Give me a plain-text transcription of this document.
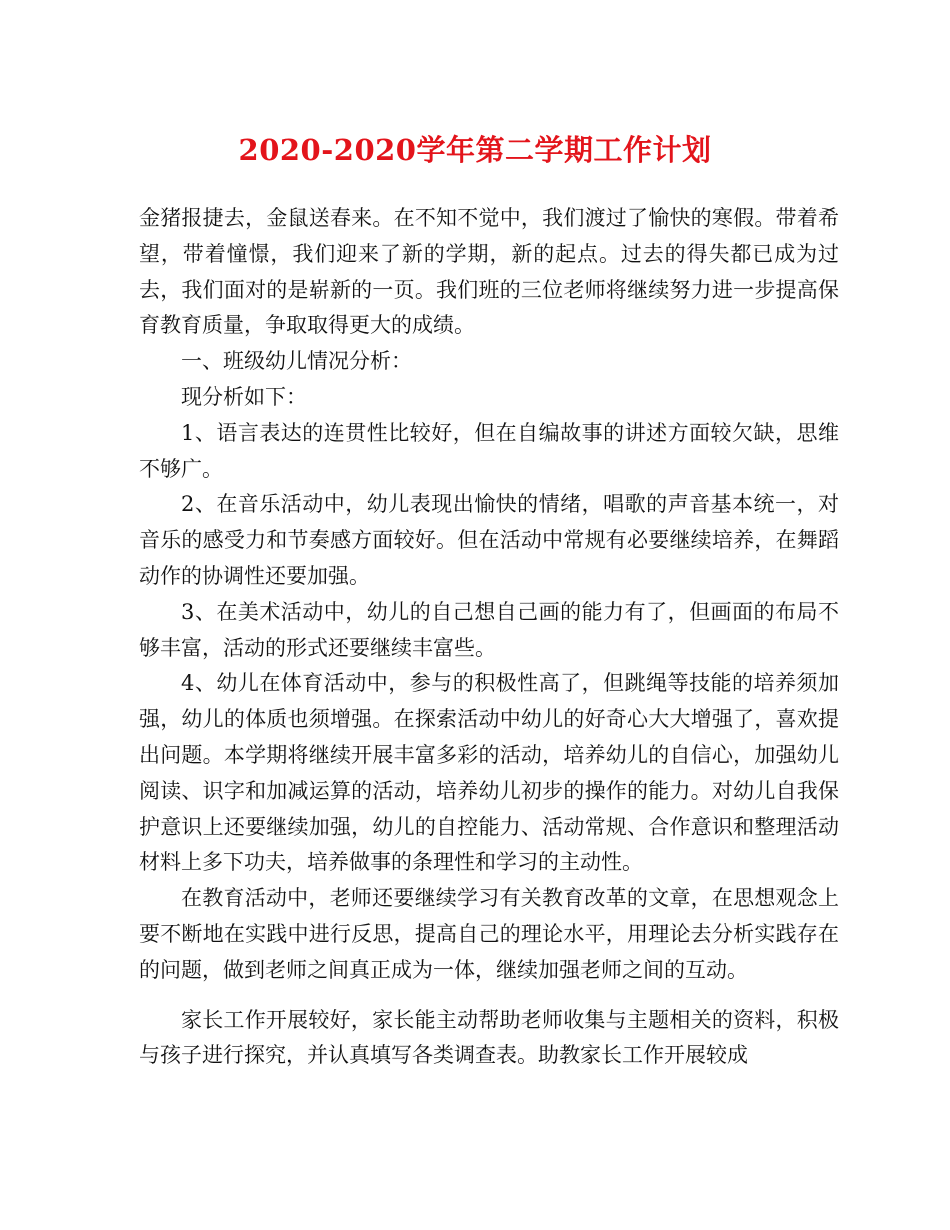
2020-2020学年第二学期工作计划

金猪报捷去，金鼠送春来。在不知不觉中，我们渡过了愉快的寒假。带着希望，带着憧憬，我们迎来了新的学期，新的起点。过去的得失都已成为过去，我们面对的是崭新的一页。我们班的三位老师将继续努力进一步提高保育教育质量，争取取得更大的成绩。

一、班级幼儿情况分析：

现分析如下：

1、语言表达的连贯性比较好，但在自编故事的讲述方面较欠缺，思维不够广。

2、在音乐活动中，幼儿表现出愉快的情绪，唱歌的声音基本统一，对音乐的感受力和节奏感方面较好。但在活动中常规有必要继续培养，在舞蹈动作的协调性还要加强。

3、在美术活动中，幼儿的自己想自己画的能力有了，但画面的布局不够丰富，活动的形式还要继续丰富些。

4、幼儿在体育活动中，参与的积极性高了，但跳绳等技能的培养须加强，幼儿的体质也须增强。在探索活动中幼儿的好奇心大大增强了，喜欢提出问题。本学期将继续开展丰富多彩的活动，培养幼儿的自信心，加强幼儿阅读、识字和加减运算的活动，培养幼儿初步的操作的能力。对幼儿自我保护意识上还要继续加强，幼儿的自控能力、活动常规、合作意识和整理活动材料上多下功夫，培养做事的条理性和学习的主动性。

在教育活动中，老师还要继续学习有关教育改革的文章，在思想观念上要不断地在实践中进行反思，提高自己的理论水平，用理论去分析实践存在的问题，做到老师之间真正成为一体，继续加强老师之间的互动。

家长工作开展较好，家长能主动帮助老师收集与主题相关的资料，积极与孩子进行探究，并认真填写各类调查表。助教家长工作开展较成
